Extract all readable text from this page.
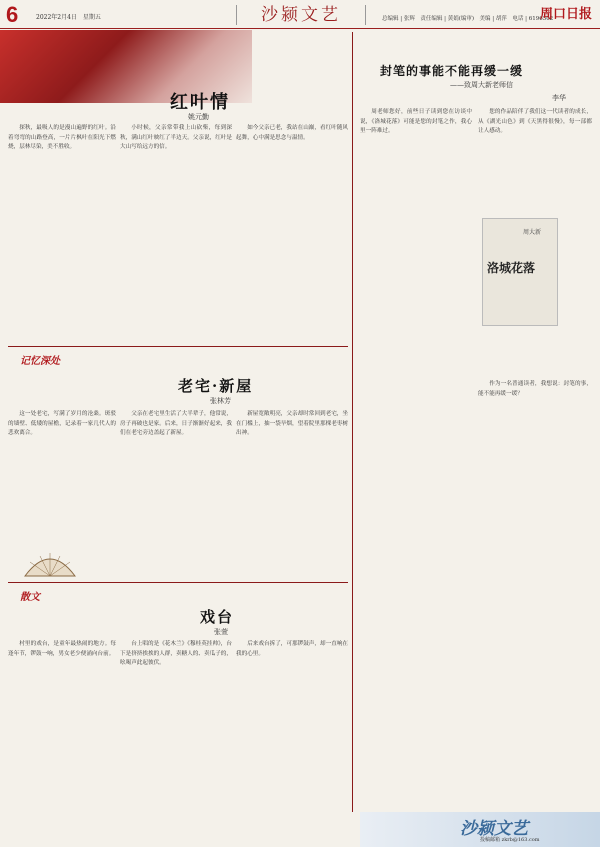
6	2022年2月4日　星期五	沙颍文艺	总编辑 | 张辉　责任编辑 | 黄娟(编审)　美编 | 胡萍　电话 | 6196502
周口日报
红叶情
姚元勤

探秋，最吸人的是漫山遍野的红叶。沿着弯弯的山路登高，一片片枫叶在阳光下燃烧，层林尽染，美不胜收。

小时候，父亲常带我上山砍柴，每到深秋，满山红叶映红了半边天。父亲说，红叶是大山写给远方的信。

如今父亲已老，我站在山巅，看红叶随风起舞，心中满是思念与温情。

记忆深处
老宅·新屋
张林芳

这一处老宅，写满了岁月的沧桑。斑驳的墙壁、低矮的屋檐，记录着一家几代人的悲欢离合。

父亲在老宅里生活了大半辈子，他常说，房子再破也是家。后来，日子渐渐好起来，我们在老宅旁边盖起了新屋。

新屋宽敞明亮，父亲却时常回到老宅，坐在门槛上，抽一袋旱烟，望着院里那棵老枣树出神。

散文
戏台
张萱

村里的戏台，是童年最热闹的地方。每逢年节，锣鼓一响，男女老少便涌向台前。

台上唱的是《花木兰》《穆桂英挂帅》，台下是挤挤挨挨的人群，卖糖人的、卖瓜子的，吆喝声此起彼伏。

后来戏台拆了，可那锣鼓声，却一直响在我的心里。

封笔的事能不能再缓一缓
——致周大新老师信
李华

周老师您好，前些日子读到您在访谈中说，《洛城花落》可能是您的封笔之作，我心里一阵难过。

您的作品陪伴了我们这一代读者的成长，从《湖光山色》到《天黑得很慢》，每一部都让人感动。

作为一名普通读者，我想说：封笔的事，能不能再缓一缓？

洛城花落
周大新
沙颍文艺
投稿邮箱 zkrb@163.com
